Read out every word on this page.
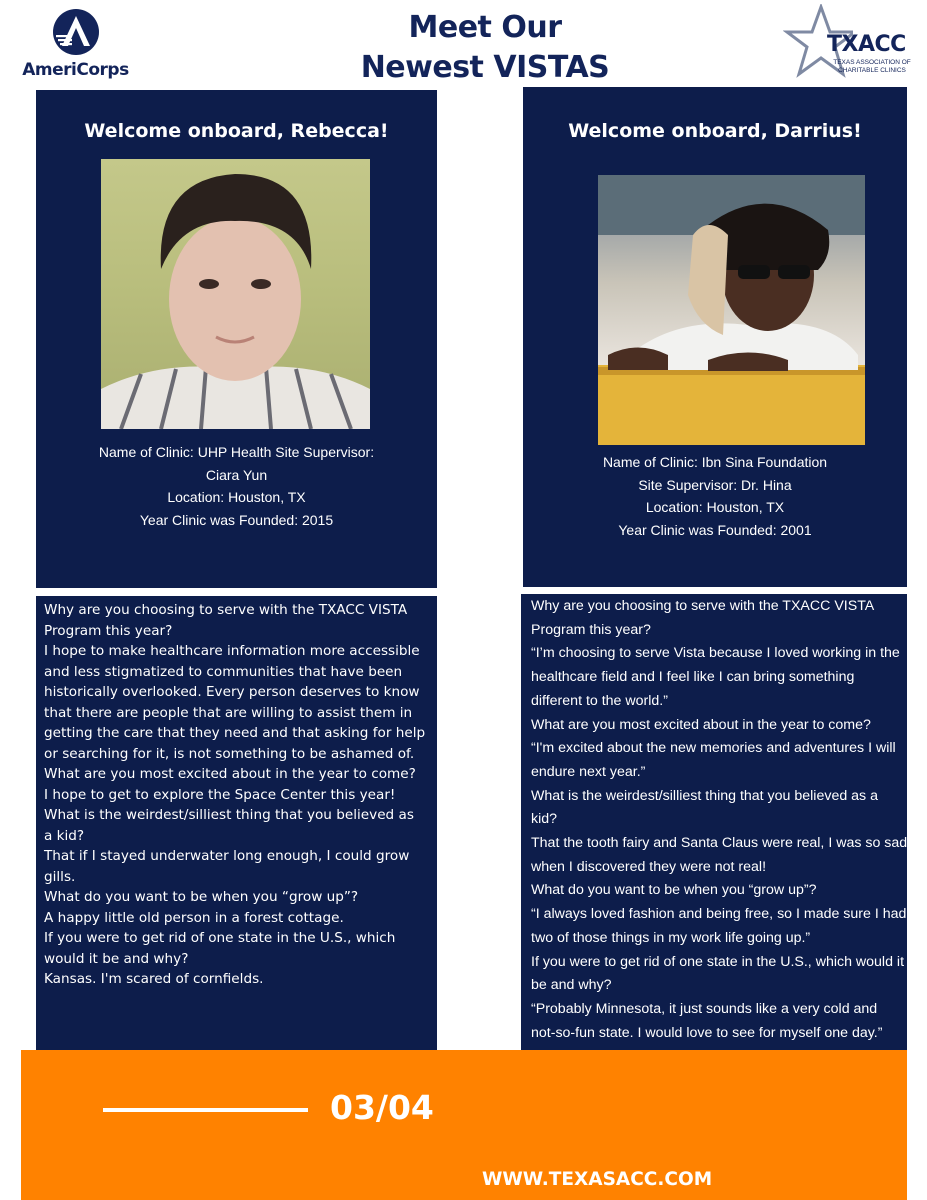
AmeriCorps
Meet Our
Newest VISTAS
TXACC
TEXAS ASSOCIATION OF CHARITABLE CLINICS
Welcome onboard, Rebecca!
Name of Clinic: UHP Health Site Supervisor:
Ciara Yun
Location: Houston, TX
Year Clinic was Founded: 2015
Welcome onboard, Darrius!
Name of Clinic: Ibn Sina Foundation
Site Supervisor: Dr. Hina
Location: Houston, TX
Year Clinic was Founded: 2001
Why are you choosing to serve with the TXACC VISTA
Program this year?
I hope to make healthcare information more accessible
and less stigmatized to communities that have been
historically overlooked. Every person deserves to know
that there are people that are willing to assist them in
getting the care that they need and that asking for help
or searching for it, is not something to be ashamed of.
What are you most excited about in the year to come?
I hope to get to explore the Space Center this year!
What is the weirdest/silliest thing that you believed as
a kid?
That if I stayed underwater long enough, I could grow
gills.
What do you want to be when you “grow up”?
A happy little old person in a forest cottage.
If you were to get rid of one state in the U.S., which
would it be and why?
Kansas. I'm scared of cornfields.
Why are you choosing to serve with the TXACC VISTA
Program this year?
“I’m choosing to serve Vista because I loved working in the
healthcare field and I feel like I can bring something
different to the world.”
What are you most excited about in the year to come?
“I'm excited about the new memories and adventures I will
endure next year.”
What is the weirdest/silliest thing that you believed as a
kid?
That the tooth fairy and Santa Claus were real, I was so sad
when I discovered they were not real!
What do you want to be when you “grow up”?
“I always loved fashion and being free, so I made sure I had
two of those things in my work life going up.”
If you were to get rid of one state in the U.S., which would it
be and why?
“Probably Minnesota, it just sounds like a very cold and
not-so-fun state. I would love to see for myself one day.”
03/04
WWW.TEXASACC.COM
